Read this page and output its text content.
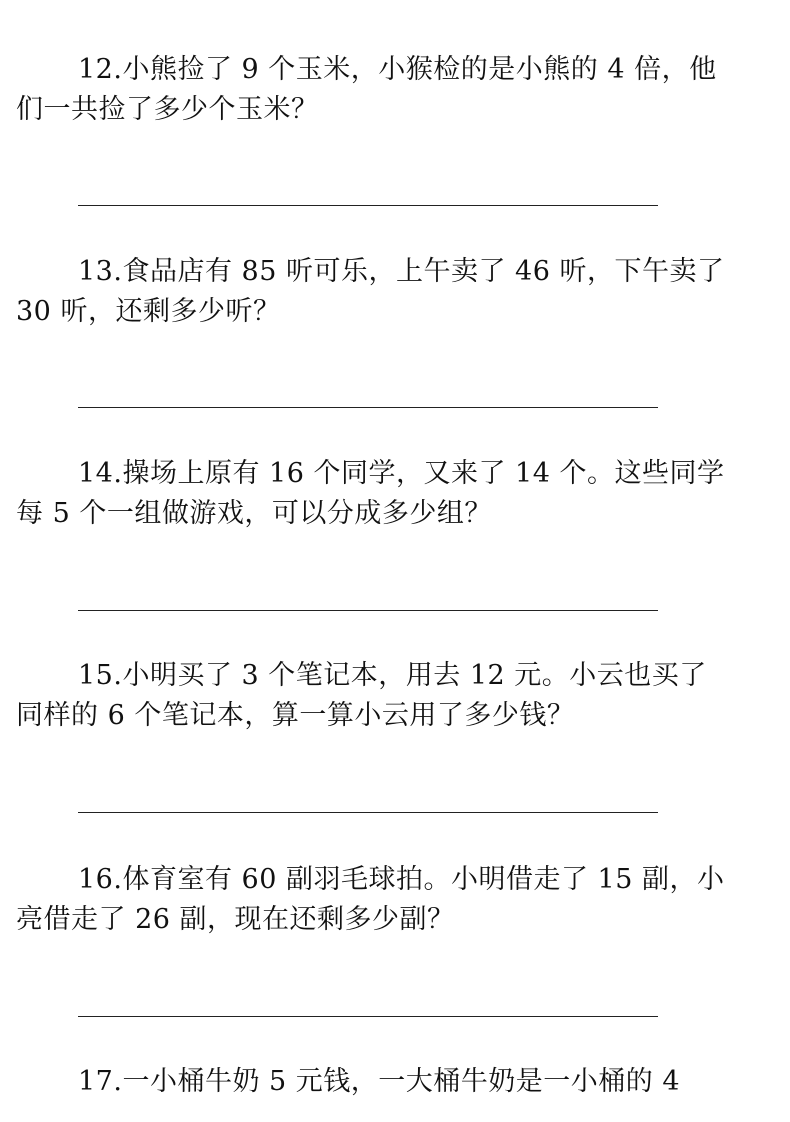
12.小熊捡了 9 个玉米，小猴检的是小熊的 4 倍，他
们一共捡了多少个玉米？
13.食品店有 85 听可乐，上午卖了 46 听，下午卖了
30 听，还剩多少听？
14.操场上原有 16 个同学，又来了 14 个。这些同学
每 5 个一组做游戏，可以分成多少组？
15.小明买了 3 个笔记本，用去 12 元。小云也买了
同样的 6 个笔记本，算一算小云用了多少钱？
16.体育室有 60 副羽毛球拍。小明借走了 15 副，小
亮借走了 26 副，现在还剩多少副？
17.一小桶牛奶 5 元钱，一大桶牛奶是一小桶的 4
